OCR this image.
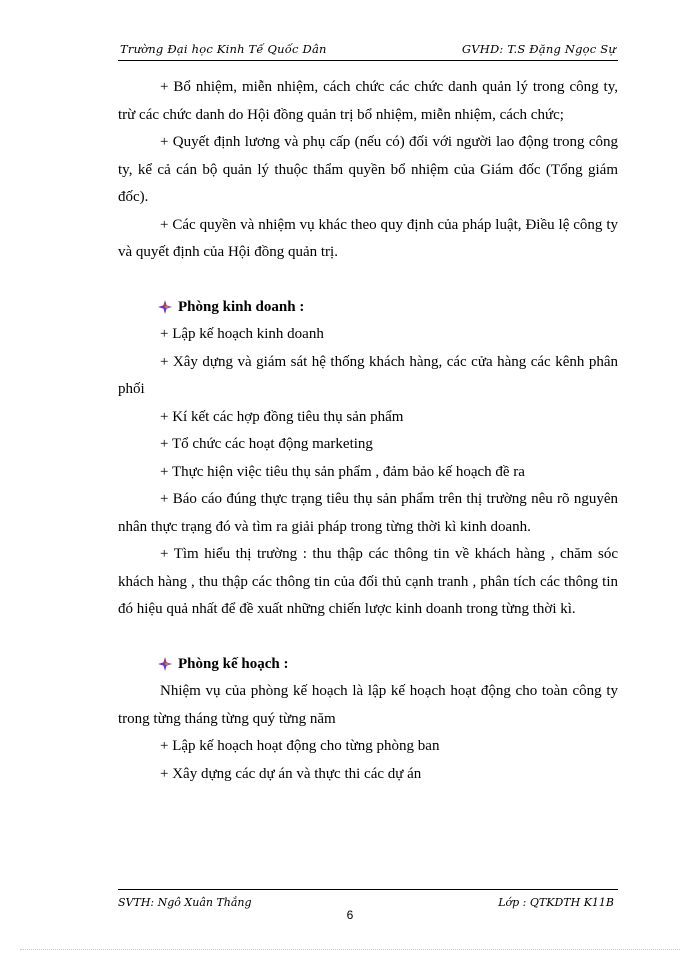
Trường Đại học Kinh Tế Quốc Dân	GVHD: T.S Đặng Ngọc Sự

+ Bổ nhiệm, miễn nhiệm, cách chức các chức danh quản lý trong công ty, trừ các chức danh do Hội đồng quản trị bổ nhiệm, miễn nhiệm, cách chức;

+ Quyết định lương và phụ cấp (nếu có) đối với người lao động trong công ty, kể cả cán bộ quản lý thuộc thẩm quyền bổ nhiệm của Giám đốc (Tổng giám đốc).

+ Các quyền và nhiệm vụ khác theo quy định của pháp luật, Điều lệ công ty và quyết định của Hội đồng quản trị.

Phòng kinh doanh :

+ Lập kế hoạch kinh doanh

+ Xây dựng và giám sát hệ thống khách hàng, các cửa hàng các kênh phân phối

+ Kí kết các hợp đồng tiêu thụ sản phẩm

+ Tổ chức các hoạt động marketing

+ Thực hiện việc tiêu thụ sản phẩm , đảm bảo kế hoạch đề ra

+ Báo cáo đúng thực trạng tiêu thụ sản phẩm trên thị trường nêu rõ nguyên nhân thực trạng đó và tìm ra giải pháp trong từng thời kì kinh doanh.

+ Tìm hiểu thị trường : thu thập các thông tin về khách hàng , chăm sóc khách hàng , thu thập các thông tin của đối thủ cạnh tranh , phân tích các thông tin đó hiệu quả nhất để đề xuất những chiến lược kinh doanh trong từng thời kì.

Phòng kế hoạch :

Nhiệm vụ của phòng kế hoạch là lập kế hoạch hoạt động cho toàn công ty trong từng tháng từng quý từng năm

+ Lập kế hoạch hoạt động cho từng phòng ban

+ Xây dựng các dự án và thực thi các dự án

SVTH: Ngô Xuân Thắng	Lớp : QTKDTH K11B
6
